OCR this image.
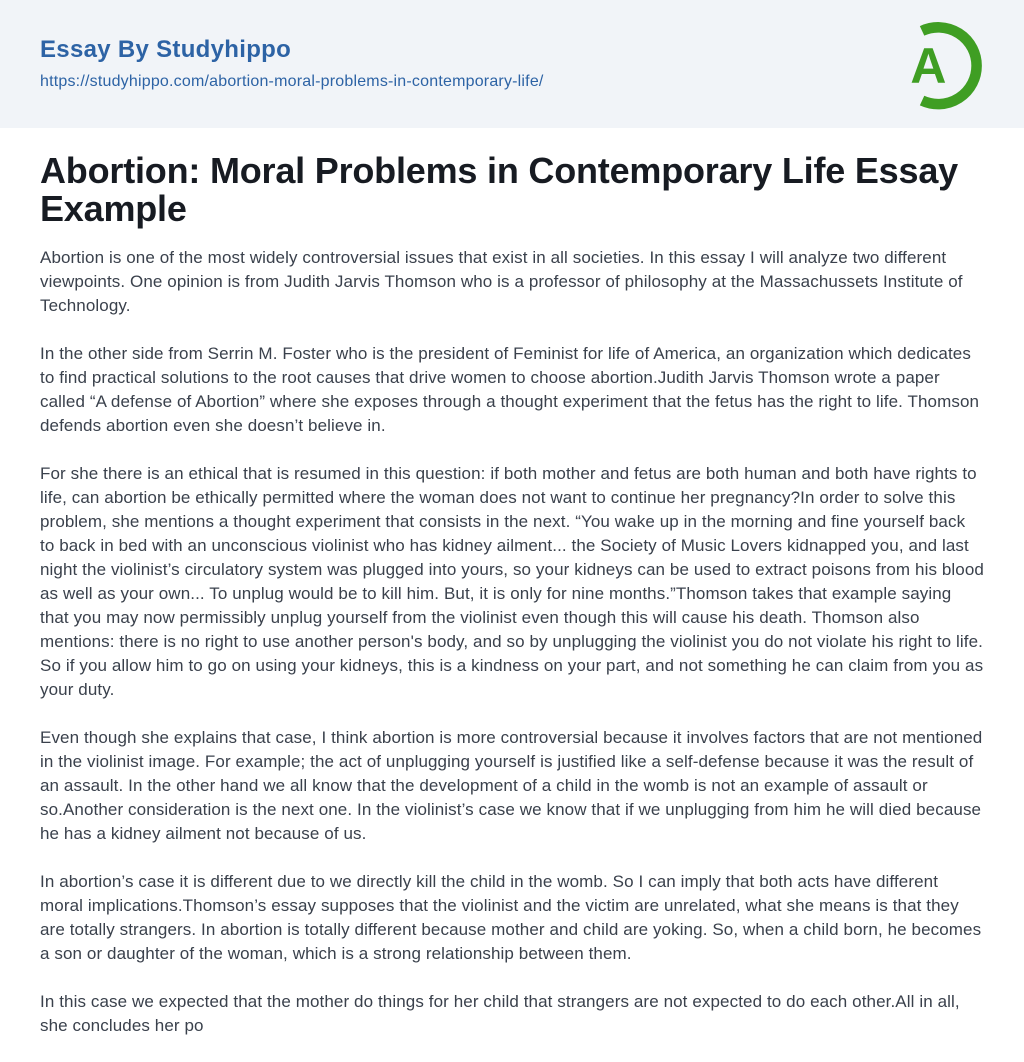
Essay By Studyhippo
https://studyhippo.com/abortion-moral-problems-in-contemporary-life/	A
Abortion: Moral Problems in Contemporary Life Essay Example

Abortion is one of the most widely controversial issues that exist in all societies. In this essay I will analyze two different viewpoints. One opinion is from Judith Jarvis Thomson who is a professor of philosophy at the Massachussets Institute of Technology.

In the other side from Serrin M. Foster who is the president of Feminist for life of America, an organization which dedicates to find practical solutions to the root causes that drive women to choose abortion.Judith Jarvis Thomson wrote a paper called “A defense of Abortion” where she exposes through a thought experiment that the fetus has the right to life. Thomson defends abortion even she doesn’t believe in.

For she there is an ethical that is resumed in this question: if both mother and fetus are both human and both have rights to life, can abortion be ethically permitted where the woman does not want to continue her pregnancy?In order to solve this problem, she mentions a thought experiment that consists in the next. “You wake up in the morning and fine yourself back to back in bed with an unconscious violinist who has kidney ailment... the Society of Music Lovers kidnapped you, and last night the violinist’s circulatory system was plugged into yours, so your kidneys can be used to extract poisons from his blood as well as your own... To unplug would be to kill him. But, it is only for nine months.”Thomson takes that example saying that you may now permissibly unplug yourself from the violinist even though this will cause his death. Thomson also mentions: there is no right to use another person's body, and so by unplugging the violinist you do not violate his right to life. So if you allow him to go on using your kidneys, this is a kindness on your part, and not something he can claim from you as your duty.

Even though she explains that case, I think abortion is more controversial because it involves factors that are not mentioned in the violinist image. For example; the act of unplugging yourself is justified like a self-defense because it was the result of an assault. In the other hand we all know that the development of a child in the womb is not an example of assault or so.Another consideration is the next one. In the violinist’s case we know that if we unplugging from him he will died because he has a kidney ailment not because of us.

In abortion’s case it is different due to we directly kill the child in the womb. So I can imply that both acts have different moral implications.Thomson’s essay supposes that the violinist and the victim are unrelated, what she means is that they are totally strangers. In abortion is totally different because mother and child are yoking. So, when a child born, he becomes a son or daughter of the woman, which is a strong relationship between them.

In this case we expected that the mother do things for her child that strangers are not expected to do each other.All in all, she concludes her po
